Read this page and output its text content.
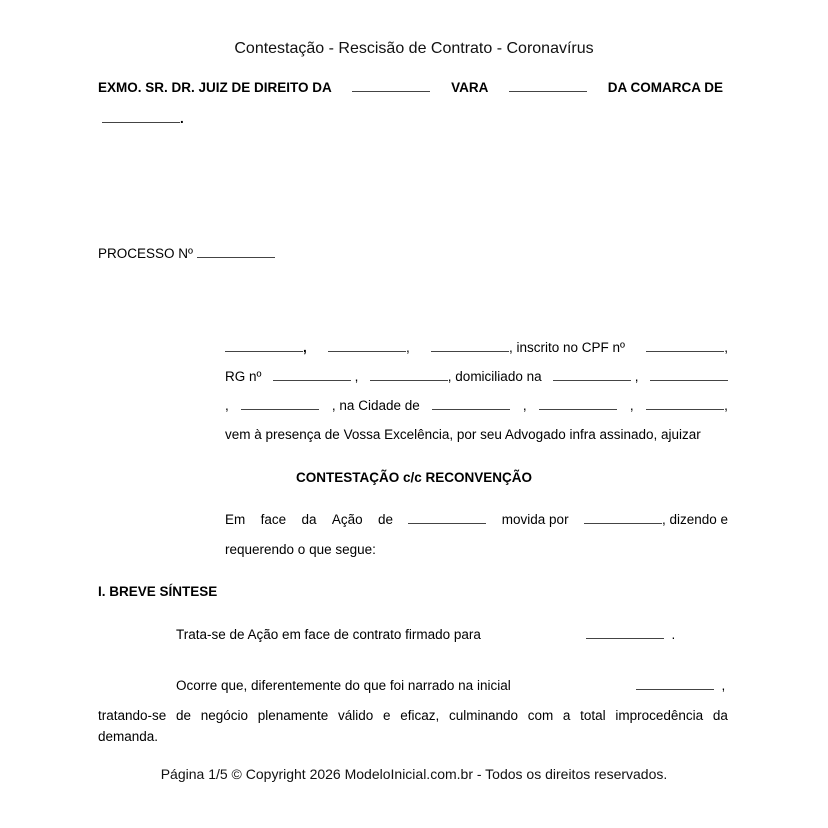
Contestação - Rescisão de Contrato - Coronavírus
EXMO. SR. DR. JUIZ DE DIREITO DA	VARA	DA COMARCA DE
.
PROCESSO Nº
,	,	, inscrito no CPF nº	,
RG nº	,	, domiciliado na	,
,	, na Cidade de	,	,	,
vem à presença de Vossa Excelência, por seu Advogado infra assinado, ajuizar
CONTESTAÇÃO c/c RECONVENÇÃO
Em face da Ação de	movida por	, dizendo e
requerendo o que segue:
I. BREVE SÍNTESE
Trata-se de Ação em face de contrato firmado para	.
Ocorre que, diferentemente do que foi narrado na inicial	,
tratando-se de negócio plenamente válido e eficaz, culminando com a total improcedência da
demanda.
Página 1/5 © Copyright 2026 ModeloInicial.com.br - Todos os direitos reservados.
